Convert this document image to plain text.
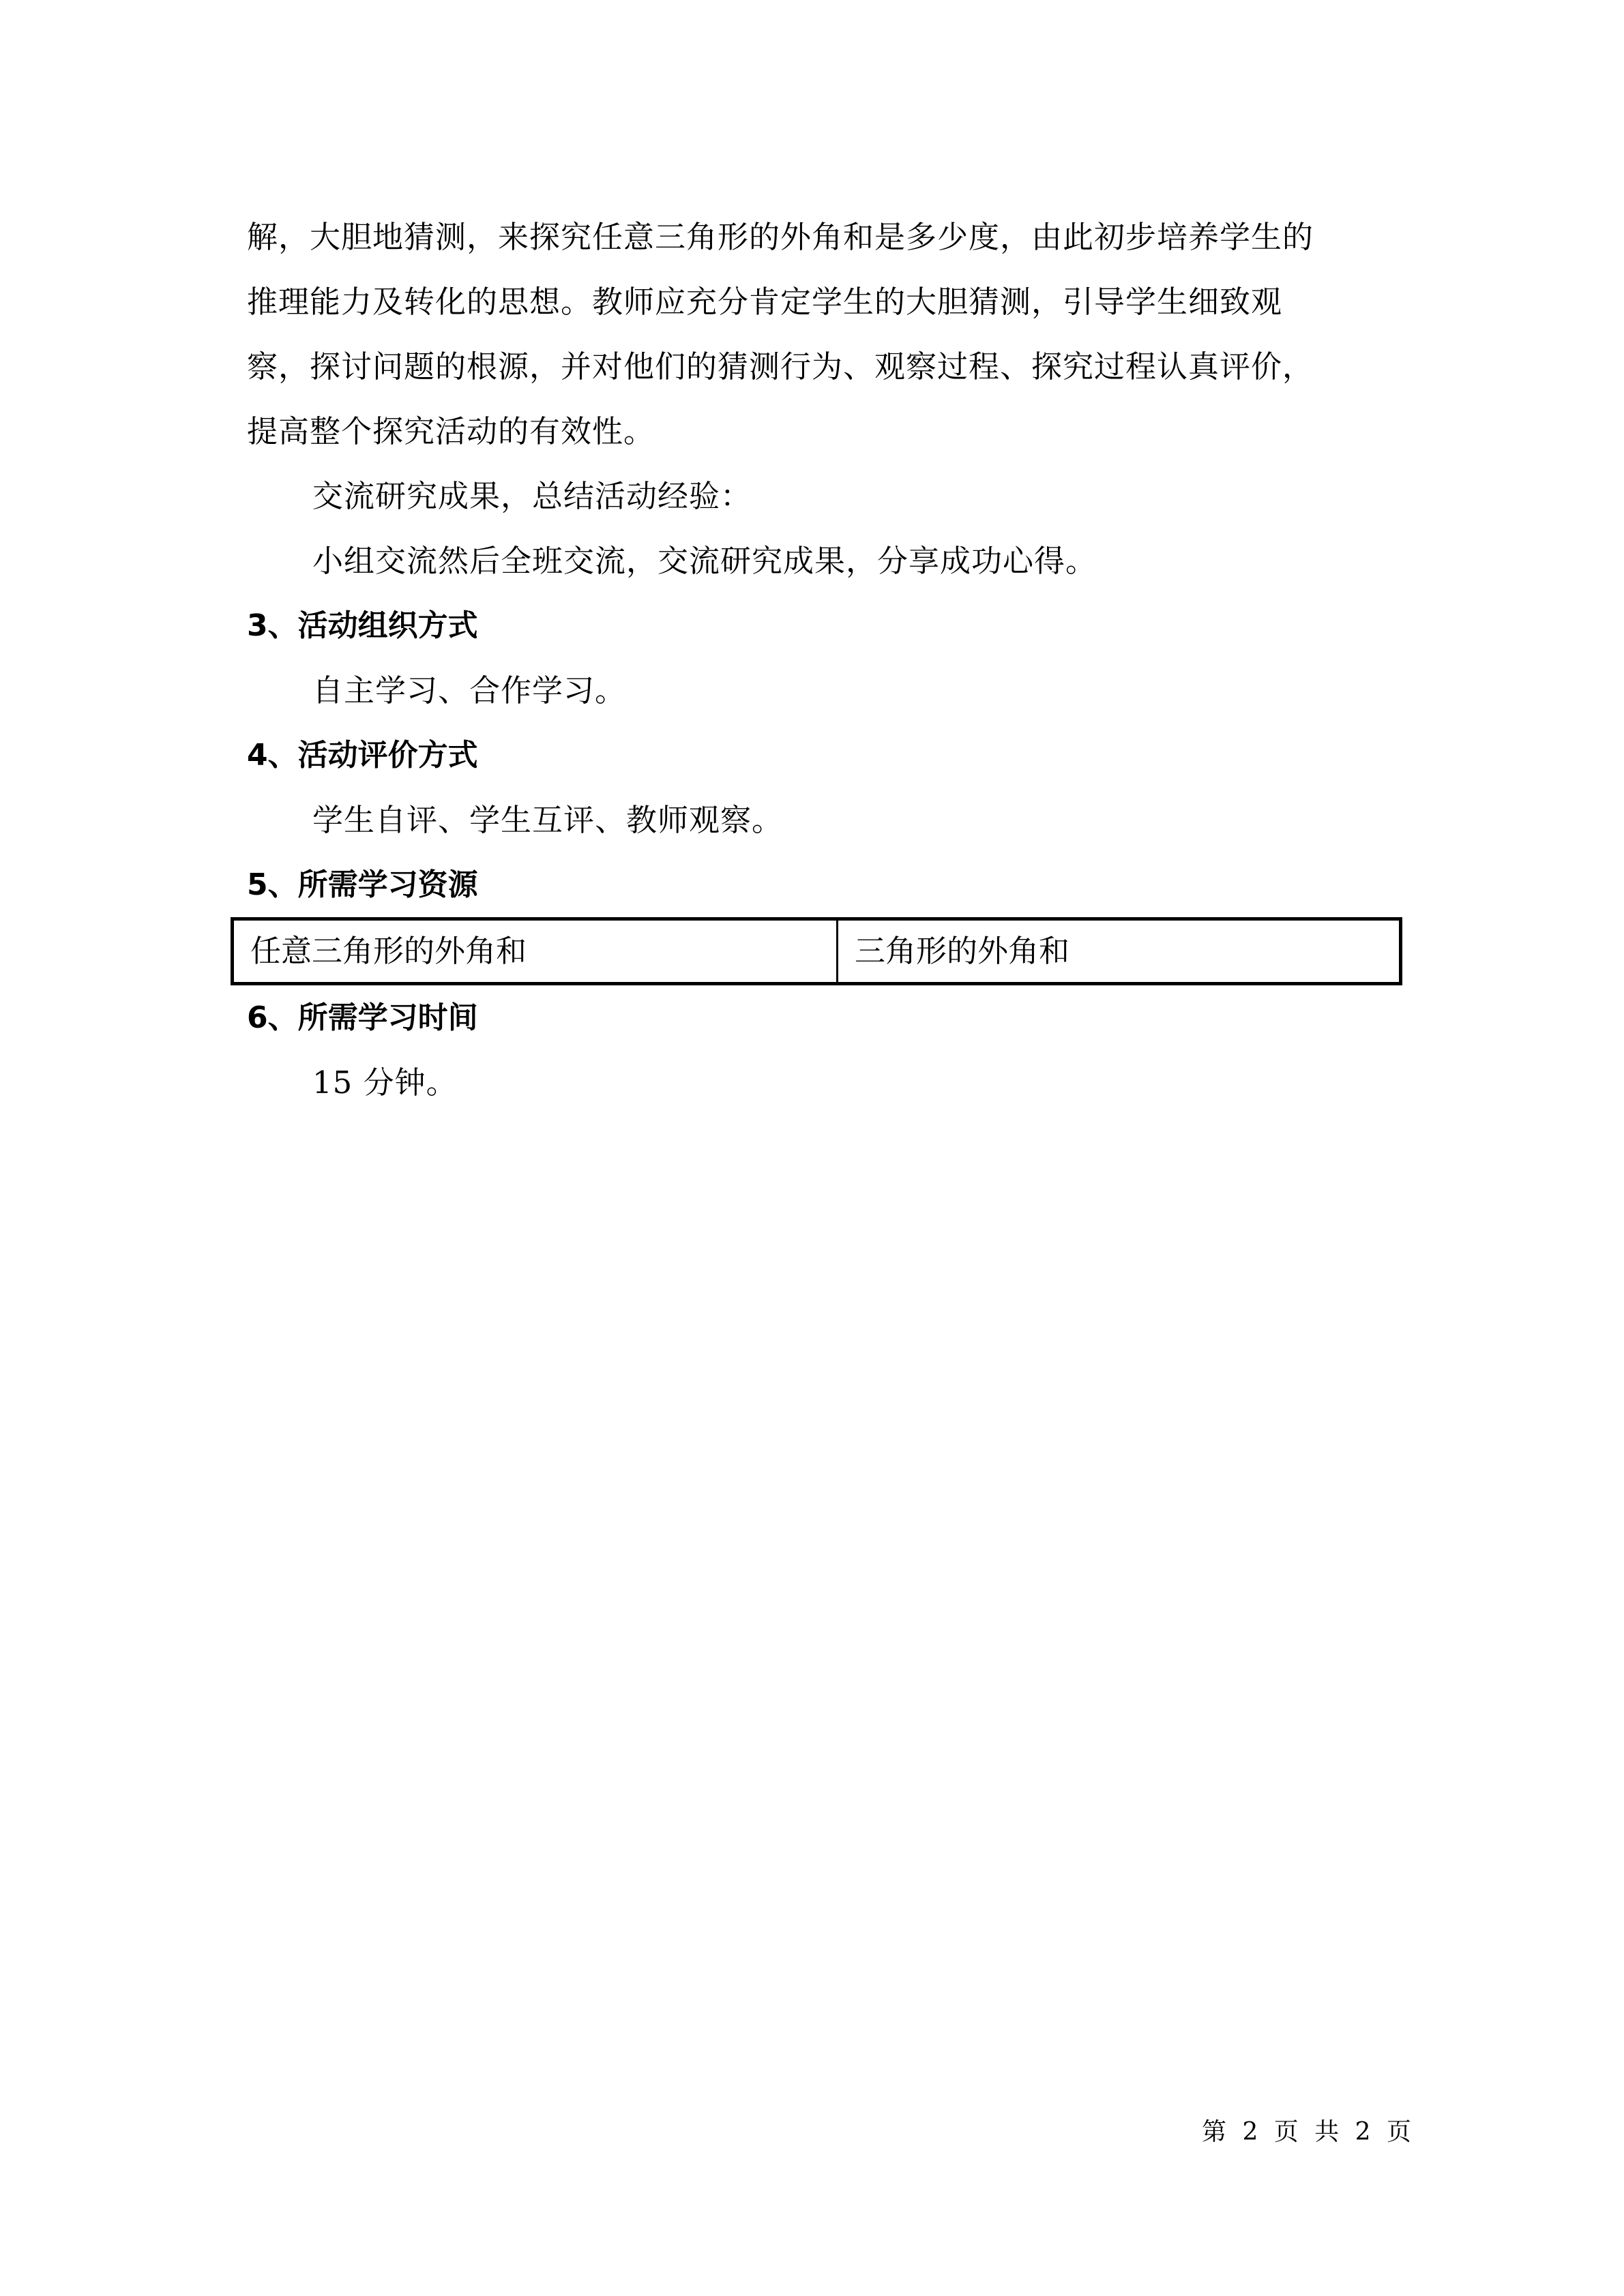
解，大胆地猜测，来探究任意三角形的外角和是多少度，由此初步培养学生的
推理能力及转化的思想。教师应充分肯定学生的大胆猜测，引导学生细致观
察，探讨问题的根源，并对他们的猜测行为、观察过程、探究过程认真评价，
提高整个探究活动的有效性。
交流研究成果，总结活动经验：
小组交流然后全班交流，交流研究成果，分享成功心得。
3、活动组织方式
自主学习、合作学习。
4、活动评价方式
学生自评、学生互评、教师观察。
5、所需学习资源
任意三角形的外角和	三角形的外角和
6、所需学习时间
15 分钟。
第 2 页 共 2 页
